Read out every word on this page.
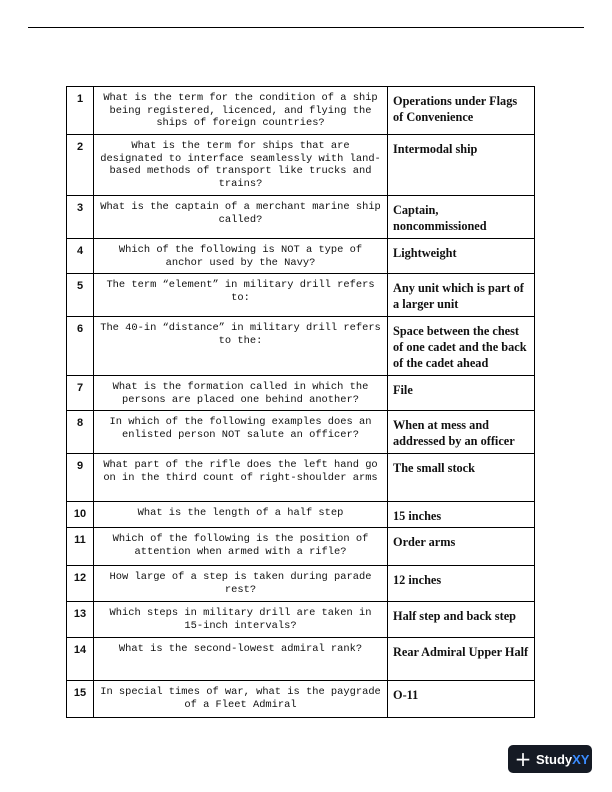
1	What is the term for the condition of a ship being registered, licenced, and flying the ships of foreign countries?	Operations under Flags of Convenience
2	What is the term for ships that are designated to interface seamlessly with land-based methods of transport like trucks and trains?	Intermodal ship
3	What is the captain of a merchant marine ship called?	Captain, noncommissioned
4	Which of the following is NOT a type of anchor used by the Navy?	Lightweight
5	The term “element” in military drill refers to:	Any unit which is part of a larger unit
6	The 40-in “distance” in military drill refers to the:	Space between the chest of one cadet and the back of the cadet ahead
7	What is the formation called in which the persons are placed one behind another?	File
8	In which of the following examples does an enlisted person NOT salute an officer?	When at mess and addressed by an officer
9	What part of the rifle does the left hand go on in the third count of right-shoulder arms	The small stock
10	What is the length of a half step	15 inches
11	Which of the following is the position of attention when armed with a rifle?	Order arms
12	How large of a step is taken during parade rest?	12 inches
13	Which steps in military drill are taken in 15-inch intervals?	Half step and back step
14	What is the second-lowest admiral rank?	Rear Admiral Upper Half
15	In special times of war, what is the paygrade of a Fleet Admiral	O-11
+ Study XY
